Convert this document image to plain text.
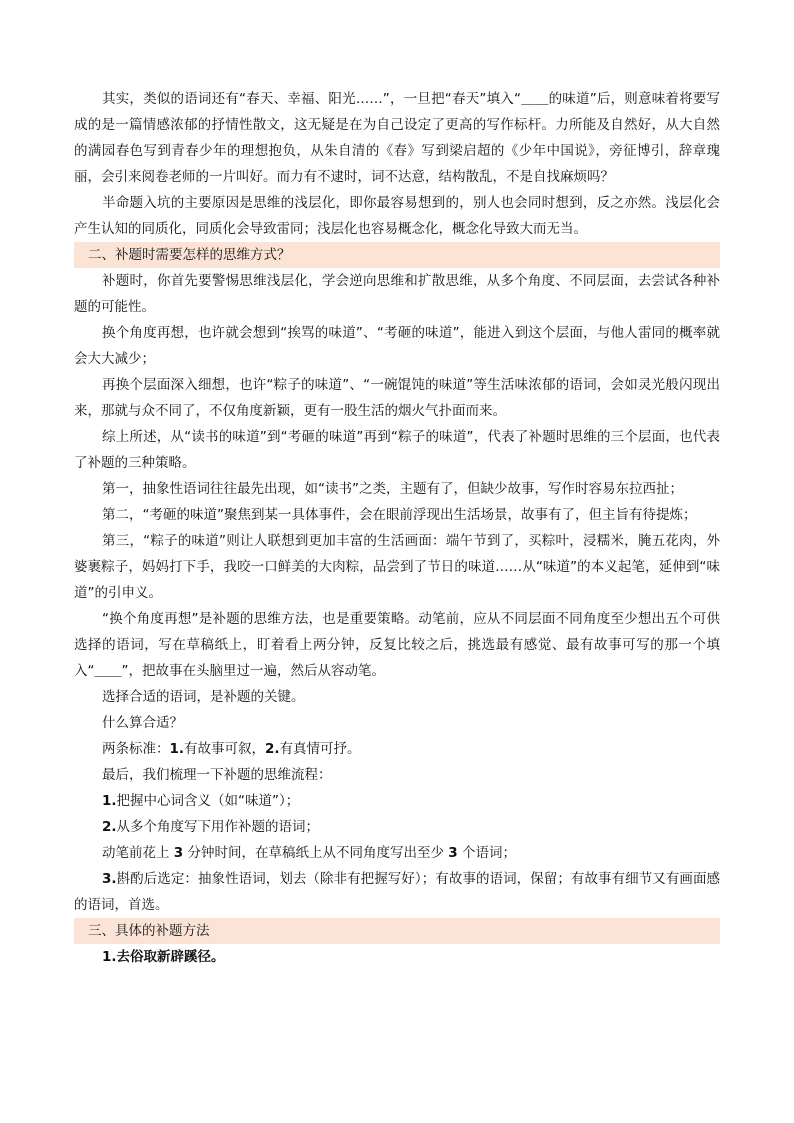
其实，类似的语词还有“春天、幸福、阳光……”，一旦把“春天”填入“＿＿的味道”后，则意味着将要写成的是一篇情感浓郁的抒情性散文，这无疑是在为自己设定了更高的写作标杆。力所能及自然好，从大自然的满园春色写到青春少年的理想抱负，从朱自清的《春》写到梁启超的《少年中国说》，旁征博引，辞章瑰丽，会引来阅卷老师的一片叫好。而力有不逮时，词不达意，结构散乱，不是自找麻烦吗？

半命题入坑的主要原因是思维的浅层化，即你最容易想到的，别人也会同时想到，反之亦然。浅层化会产生认知的同质化，同质化会导致雷同；浅层化也容易概念化，概念化导致大而无当。

二、补题时需要怎样的思维方式？

补题时，你首先要警惕思维浅层化，学会逆向思维和扩散思维，从多个角度、不同层面，去尝试各种补题的可能性。

换个角度再想，也许就会想到“挨骂的味道”、“考砸的味道”，能进入到这个层面，与他人雷同的概率就会大大减少；

再换个层面深入细想，也许“粽子的味道”、“一碗馄饨的味道”等生活味浓郁的语词，会如灵光般闪现出来，那就与众不同了，不仅角度新颖，更有一股生活的烟火气扑面而来。

综上所述，从“读书的味道”到“考砸的味道”再到“粽子的味道”，代表了补题时思维的三个层面，也代表了补题的三种策略。

第一，抽象性语词往往最先出现，如“读书”之类，主题有了，但缺少故事，写作时容易东拉西扯；

第二，“考砸的味道”聚焦到某一具体事件，会在眼前浮现出生活场景，故事有了，但主旨有待提炼；

第三，“粽子的味道”则让人联想到更加丰富的生活画面：端午节到了，买粽叶，浸糯米，腌五花肉，外婆裹粽子，妈妈打下手，我咬一口鲜美的大肉粽，品尝到了节日的味道……从“味道”的本义起笔，延伸到“味道”的引申义。

“换个角度再想”是补题的思维方法，也是重要策略。动笔前，应从不同层面不同角度至少想出五个可供选择的语词，写在草稿纸上，盯着看上两分钟，反复比较之后，挑选最有感觉、最有故事可写的那一个填入“＿＿”，把故事在头脑里过一遍，然后从容动笔。

选择合适的语词，是补题的关键。

什么算合适？

两条标准：1.有故事可叙，2.有真情可抒。

最后，我们梳理一下补题的思维流程：

1.把握中心词含义（如“味道”）；

2.从多个角度写下用作补题的语词；

动笔前花上 3 分钟时间，在草稿纸上从不同角度写出至少 3 个语词；

3.斟酌后选定：抽象性语词，划去（除非有把握写好）；有故事的语词，保留；有故事有细节又有画面感的语词，首选。

三、具体的补题方法

1.去俗取新辟蹊径。
